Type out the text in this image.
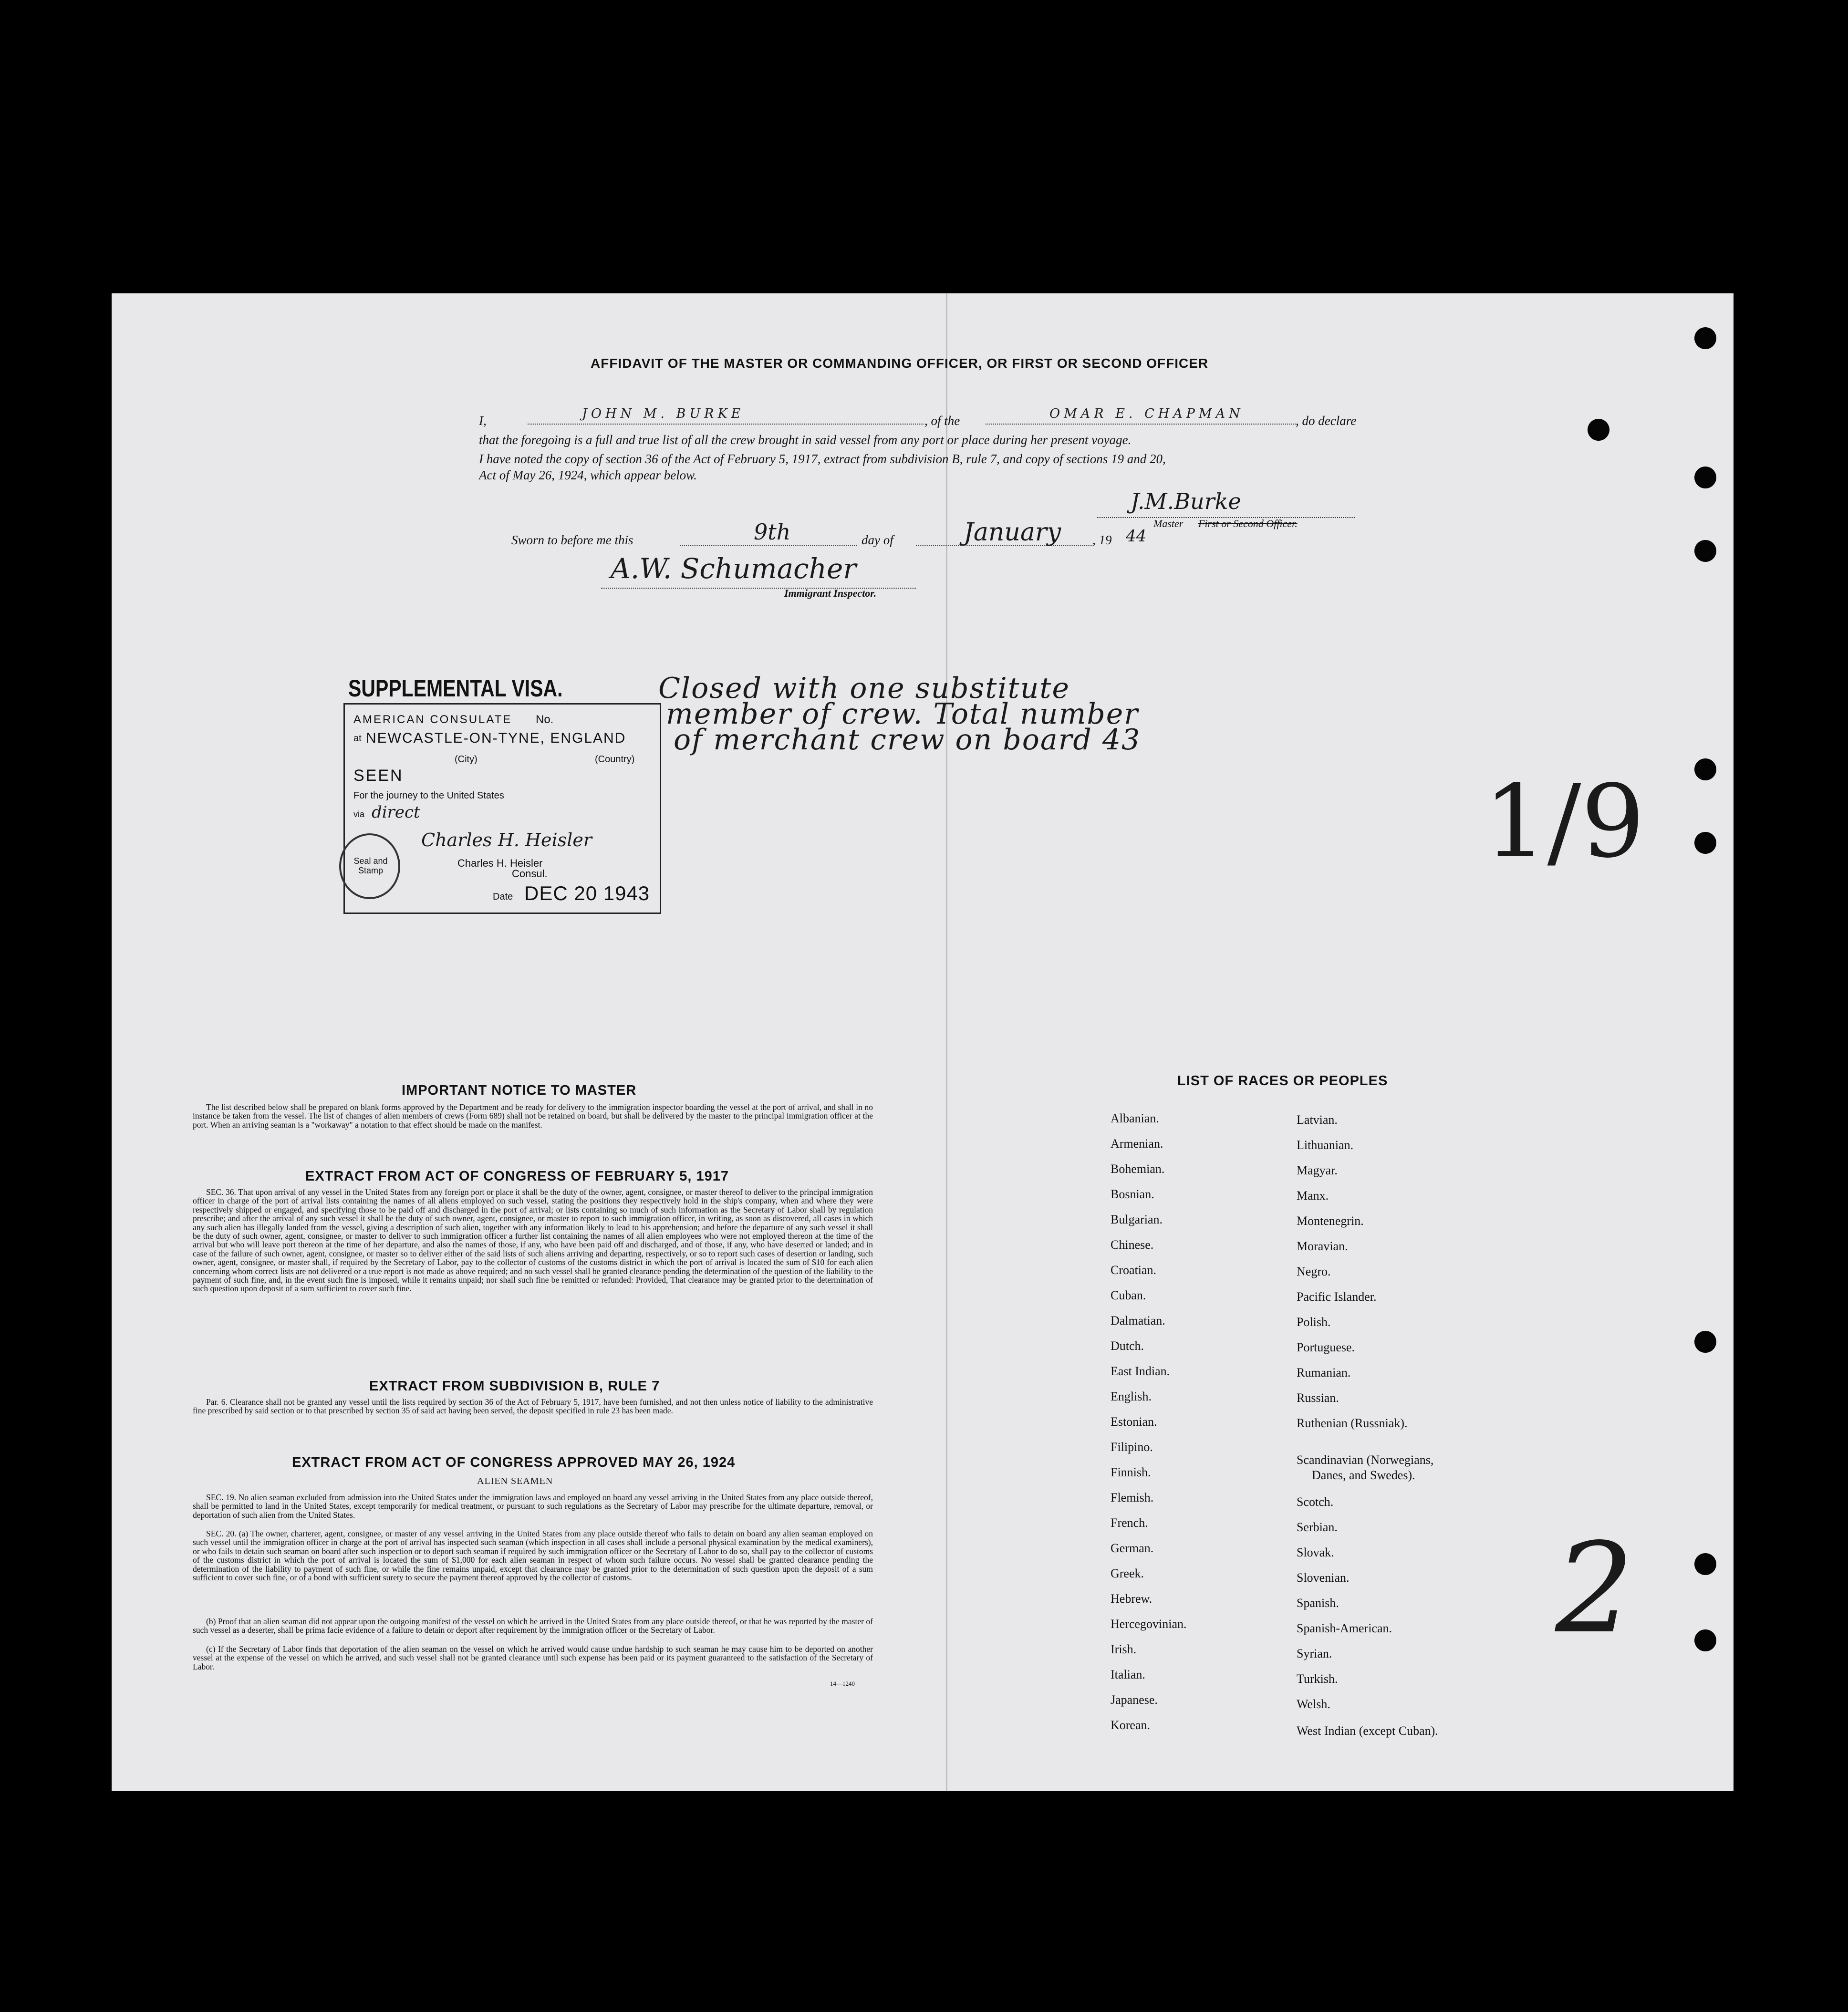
AFFIDAVIT OF THE MASTER OR COMMANDING OFFICER, OR FIRST OR SECOND OFFICER
I,	JOHN M. BURKE	, of the	OMAR E. CHAPMAN	, do declare
that the foregoing is a full and true list of all the crew brought in said vessel from any port or place during her present voyage.
I have noted the copy of section 36 of the Act of February 5, 1917, extract from subdivision B, rule 7, and copy of sections 19 and 20,
Act of May 26, 1924, which appear below.
J.M.Burke
Master First or Second Officer.
Sworn to before me this	9th	day of	January , 19 44
A.W. Schumacher
Immigrant Inspector.
SUPPLEMENTAL VISA.
AMERICAN CONSULATE No.
at NEWCASTLE-ON-TYNE, ENGLAND
(City)	(Country)
SEEN
For the journey to the United States
via direct
Charles H. Heisler
Charles H. Heisler
Consul.
Seal and Stamp
Date DEC 20 1943
Closed with one substitute
member of crew. Total number
of merchant crew on board 43
1/9
2
IMPORTANT NOTICE TO MASTER
The list described below shall be prepared on blank forms approved by the Department and be ready for delivery to the immigration inspector boarding the vessel at the port of arrival, and shall in no instance be taken from the vessel. The list of changes of alien members of crews (Form 689) shall not be retained on board, but shall be delivered by the master to the principal immigration officer at the port. When an arriving seaman is a "workaway" a notation to that effect should be made on the manifest.
EXTRACT FROM ACT OF CONGRESS OF FEBRUARY 5, 1917
SEC. 36. That upon arrival of any vessel in the United States from any foreign port or place it shall be the duty of the owner, agent, consignee, or master thereof to deliver to the principal immigration officer in charge of the port of arrival lists containing the names of all aliens employed on such vessel, stating the positions they respectively hold in the ship's company, when and where they were respectively shipped or engaged, and specifying those to be paid off and discharged in the port of arrival; or lists containing so much of such information as the Secretary of Labor shall by regulation prescribe; and after the arrival of any such vessel it shall be the duty of such owner, agent, consignee, or master to report to such immigration officer, in writing, as soon as discovered, all cases in which any such alien has illegally landed from the vessel, giving a description of such alien, together with any information likely to lead to his apprehension; and before the departure of any such vessel it shall be the duty of such owner, agent, consignee, or master to deliver to such immigration officer a further list containing the names of all alien employees who were not employed thereon at the time of the arrival but who will leave port thereon at the time of her departure, and also the names of those, if any, who have been paid off and discharged, and of those, if any, who have deserted or landed; and in case of the failure of such owner, agent, consignee, or master so to deliver either of the said lists of such aliens arriving and departing, respectively, or so to report such cases of desertion or landing, such owner, agent, consignee, or master shall, if required by the Secretary of Labor, pay to the collector of customs of the customs district in which the port of arrival is located the sum of $10 for each alien concerning whom correct lists are not delivered or a true report is not made as above required; and no such vessel shall be granted clearance pending the determination of the question of the liability to the payment of such fine, and, in the event such fine is imposed, while it remains unpaid; nor shall such fine be remitted or refunded: Provided, That clearance may be granted prior to the determination of such question upon deposit of a sum sufficient to cover such fine.
EXTRACT FROM SUBDIVISION B, RULE 7
Par. 6. Clearance shall not be granted any vessel until the lists required by section 36 of the Act of February 5, 1917, have been furnished, and not then unless notice of liability to the administrative fine prescribed by said section or to that prescribed by section 35 of said act having been served, the deposit specified in rule 23 has been made.
EXTRACT FROM ACT OF CONGRESS APPROVED MAY 26, 1924
ALIEN SEAMEN
SEC. 19. No alien seaman excluded from admission into the United States under the immigration laws and employed on board any vessel arriving in the United States from any place outside thereof, shall be permitted to land in the United States, except temporarily for medical treatment, or pursuant to such regulations as the Secretary of Labor may prescribe for the ultimate departure, removal, or deportation of such alien from the United States.
SEC. 20. (a) The owner, charterer, agent, consignee, or master of any vessel arriving in the United States from any place outside thereof who fails to detain on board any alien seaman employed on such vessel until the immigration officer in charge at the port of arrival has inspected such seaman (which inspection in all cases shall include a personal physical examination by the medical examiners), or who fails to detain such seaman on board after such inspection or to deport such seaman if required by such immigration officer or the Secretary of Labor to do so, shall pay to the collector of customs of the customs district in which the port of arrival is located the sum of $1,000 for each alien seaman in respect of whom such failure occurs. No vessel shall be granted clearance pending the determination of the liability to payment of such fine, or while the fine remains unpaid, except that clearance may be granted prior to the determination of such question upon the deposit of a sum sufficient to cover such fine, or of a bond with sufficient surety to secure the payment thereof approved by the collector of customs.
(b) Proof that an alien seaman did not appear upon the outgoing manifest of the vessel on which he arrived in the United States from any place outside thereof, or that he was reported by the master of such vessel as a deserter, shall be prima facie evidence of a failure to detain or deport after requirement by the immigration officer or the Secretary of Labor.
(c) If the Secretary of Labor finds that deportation of the alien seaman on the vessel on which he arrived would cause undue hardship to such seaman he may cause him to be deported on another vessel at the expense of the vessel on which he arrived, and such vessel shall not be granted clearance until such expense has been paid or its payment guaranteed to the satisfaction of the Secretary of Labor.
14—1240
LIST OF RACES OR PEOPLES
Albanian.
Armenian.
Bohemian.
Bosnian.
Bulgarian.
Chinese.
Croatian.
Cuban.
Dalmatian.
Dutch.
East Indian.
English.
Estonian.
Filipino.
Finnish.
Flemish.
French.
German.
Greek.
Hebrew.
Hercegovinian.
Irish.
Italian.
Japanese.
Korean.
Latvian.
Lithuanian.
Magyar.
Manx.
Montenegrin.
Moravian.
Negro.
Pacific Islander.
Polish.
Portuguese.
Rumanian.
Russian.
Ruthenian (Russniak).
Scandinavian (Norwegians,
Danes, and Swedes).
Scotch.
Serbian.
Slovak.
Slovenian.
Spanish.
Spanish-American.
Syrian.
Turkish.
Welsh.
West Indian (except Cuban).
